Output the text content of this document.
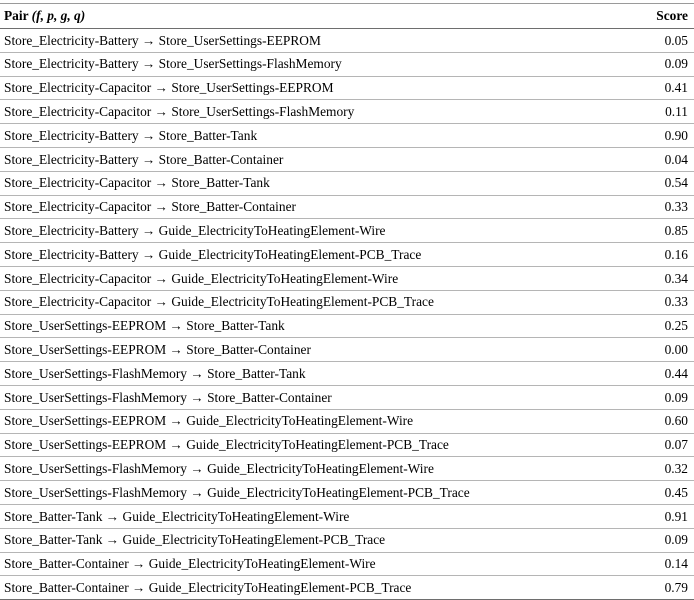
Pair (f, p, g, q)	Score
Store_Electricity-Battery → Store_UserSettings-EEPROM	0.05
Store_Electricity-Battery → Store_UserSettings-FlashMemory	0.09
Store_Electricity-Capacitor → Store_UserSettings-EEPROM	0.41
Store_Electricity-Capacitor → Store_UserSettings-FlashMemory	0.11
Store_Electricity-Battery → Store_Batter-Tank	0.90
Store_Electricity-Battery → Store_Batter-Container	0.04
Store_Electricity-Capacitor → Store_Batter-Tank	0.54
Store_Electricity-Capacitor → Store_Batter-Container	0.33
Store_Electricity-Battery → Guide_ElectricityToHeatingElement-Wire	0.85
Store_Electricity-Battery → Guide_ElectricityToHeatingElement-PCB_Trace	0.16
Store_Electricity-Capacitor → Guide_ElectricityToHeatingElement-Wire	0.34
Store_Electricity-Capacitor → Guide_ElectricityToHeatingElement-PCB_Trace	0.33
Store_UserSettings-EEPROM → Store_Batter-Tank	0.25
Store_UserSettings-EEPROM → Store_Batter-Container	0.00
Store_UserSettings-FlashMemory → Store_Batter-Tank	0.44
Store_UserSettings-FlashMemory → Store_Batter-Container	0.09
Store_UserSettings-EEPROM → Guide_ElectricityToHeatingElement-Wire	0.60
Store_UserSettings-EEPROM → Guide_ElectricityToHeatingElement-PCB_Trace	0.07
Store_UserSettings-FlashMemory → Guide_ElectricityToHeatingElement-Wire	0.32
Store_UserSettings-FlashMemory → Guide_ElectricityToHeatingElement-PCB_Trace	0.45
Store_Batter-Tank → Guide_ElectricityToHeatingElement-Wire	0.91
Store_Batter-Tank → Guide_ElectricityToHeatingElement-PCB_Trace	0.09
Store_Batter-Container → Guide_ElectricityToHeatingElement-Wire	0.14
Store_Batter-Container → Guide_ElectricityToHeatingElement-PCB_Trace	0.79
